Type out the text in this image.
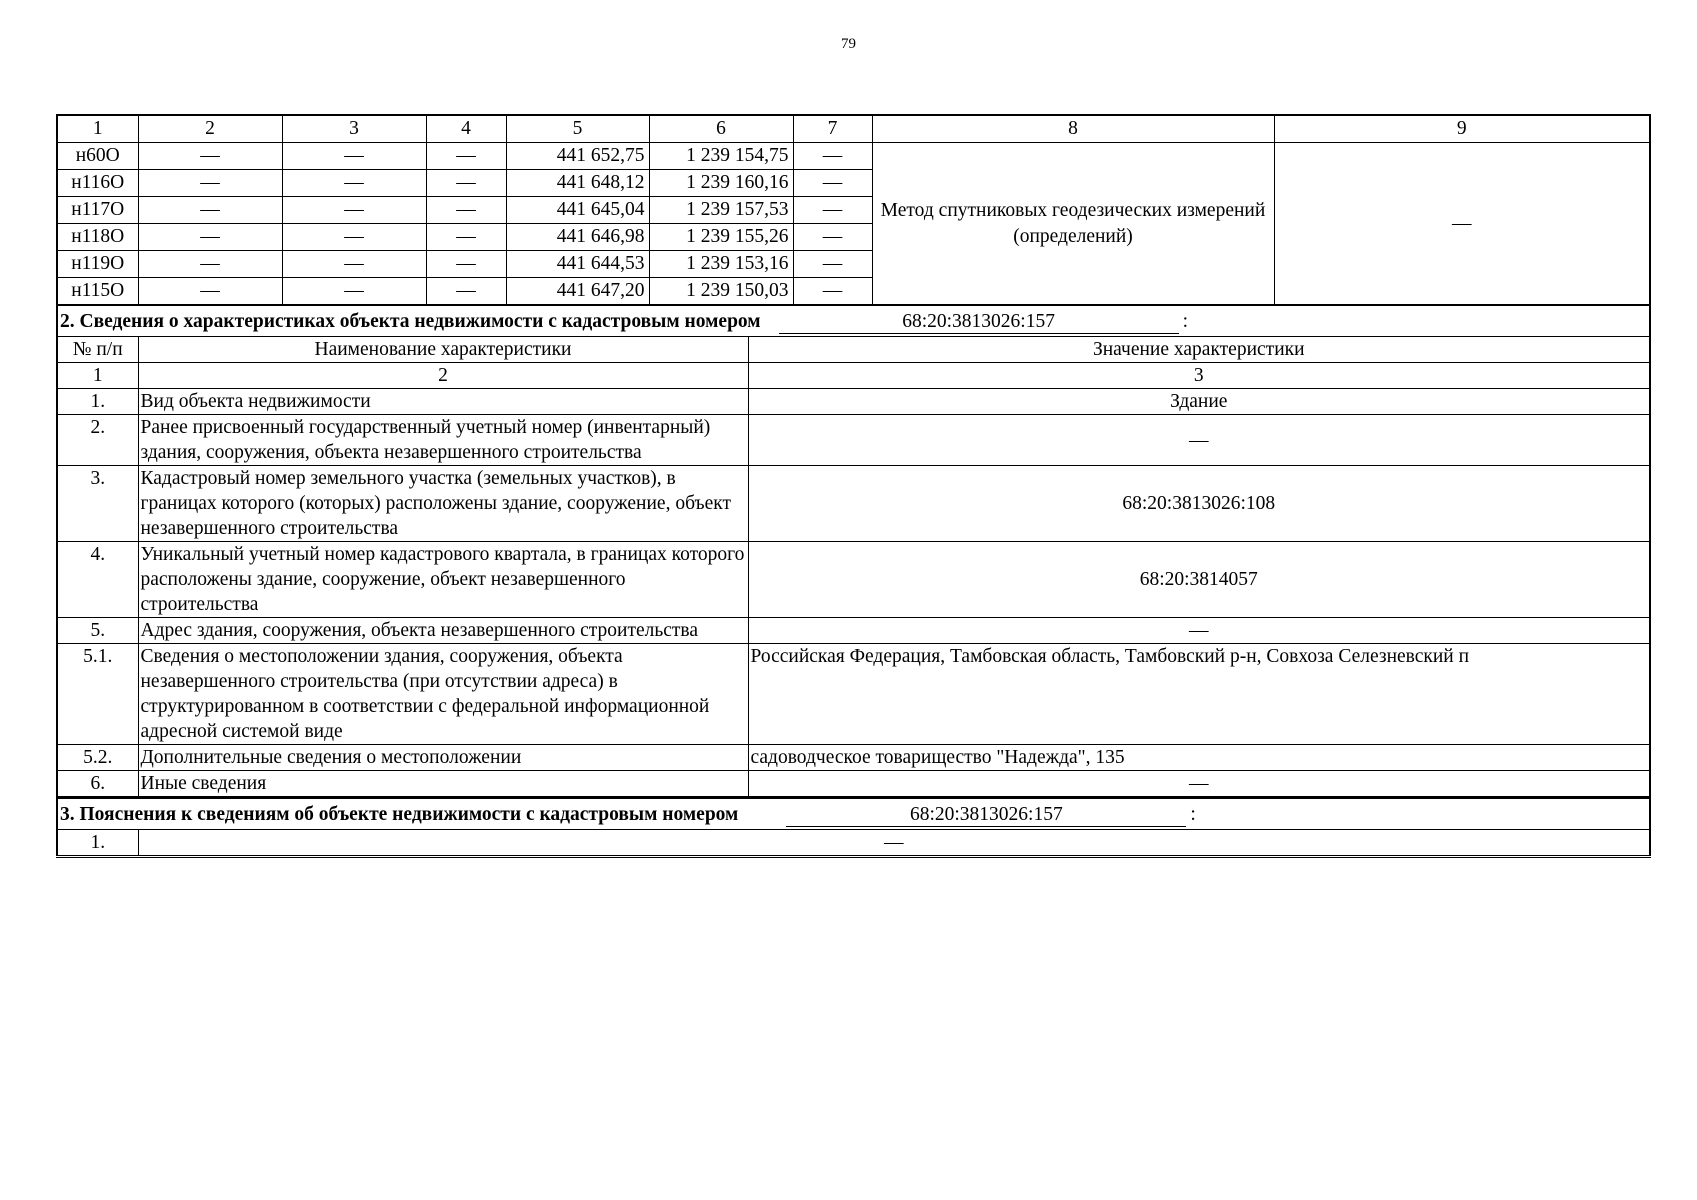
79
1	2	3	4	5	6	7	8	9
н60О	—	—	—	441 652,75	1 239 154,75	—	Метод спутниковых геодезических измерений (определений)	—
н116О	—	—	—	441 648,12	1 239 160,16	—		
н117О	—	—	—	441 645,04	1 239 157,53	—		
н118О	—	—	—	441 646,98	1 239 155,26	—		
н119О	—	—	—	441 644,53	1 239 153,16	—		
н115О	—	—	—	441 647,20	1 239 150,03	—		
2. Сведения о характеристиках объекта недвижимости с кадастровым номером 68:20:3813026:157 :		
№ п/п	Наименование характеристики	Значение характеристики
1	2	3
1.	Вид объекта недвижимости	Здание
2.	Ранее присвоенный государственный учетный номер (инвентарный) здания, сооружения, объекта незавершенного строительства	—
3.	Кадастровый номер земельного участка (земельных участков), в границах которого (которых) расположены здание, сооружение, объект незавершенного строительства	68:20:3813026:108
4.	Уникальный учетный номер кадастрового квартала, в границах которого расположены здание, сооружение, объект незавершенного строительства	68:20:3814057
5.	Адрес здания, сооружения, объекта незавершенного строительства	—
5.1.	Сведения о местоположении здания, сооружения, объекта незавершенного строительства (при отсутствии адреса) в структурированном в соответствии с федеральной информационной адресной системой виде	Российская Федерация, Тамбовская область, Тамбовский р-н, Совхоза Селезневский п
5.2.	Дополнительные сведения о местоположении	садоводческое товарищество "Надежда", 135
6.	Иные сведения	—
3. Пояснения к сведениям об объекте недвижимости с кадастровым номером	68:20:3813026:157	:
1.	—
